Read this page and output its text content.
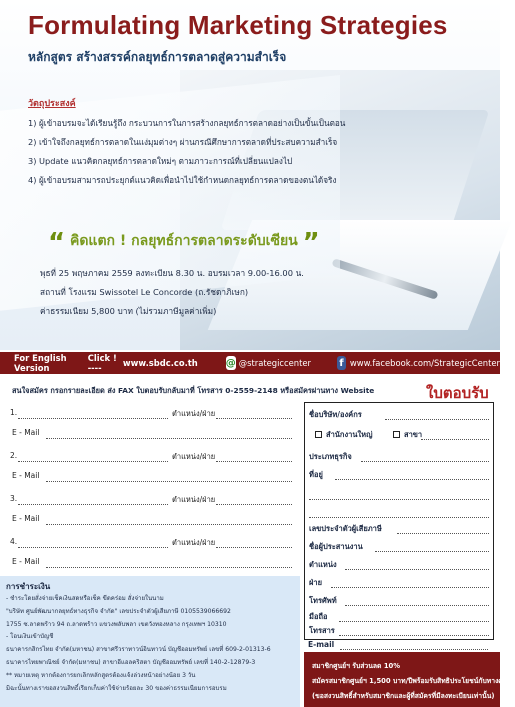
Formulating Marketing Strategies
หลักสูตร สร้างสรรค์กลยุทธ์การตลาดสู่ความสำเร็จ
วัตถุประสงค์
1) ผู้เข้าอบรมจะได้เรียนรู้ถึง กระบวนการในการสร้างกลยุทธ์การตลาดอย่างเป็นขั้นเป็นตอน
2) เข้าใจถึงกลยุทธ์การตลาดในแง่มุมต่างๆ ผ่านกรณีศึกษาการตลาดที่ประสบความสำเร็จ
3) Update แนวคิดกลยุทธ์การตลาดใหม่ๆ ตามภาวะการณ์ที่เปลี่ยนแปลงไป
4) ผู้เข้าอบรมสามารถประยุกต์แนวคิดเพื่อนำไปใช้กำหนดกลยุทธ์การตลาดของตนได้จริง
“ คิดแตก ! กลยุทธ์การตลาดระดับเซียน ”
พุธที่ 25 พฤษภาคม 2559 ลงทะเบียน 8.30 น. อบรมเวลา 9.00-16.00 น.
สถานที่ โรงแรม Swissotel Le Concorde (ถ.รัชดาภิเษก)
ค่าธรรมเนียม 5,800 บาท (ไม่รวมภาษีมูลค่าเพิ่ม)
For English Version
Click ! ----	www.sbdc.co.th	@ @strategiccenter	f www.facebook.com/StrategicCenter
สนใจสมัคร กรอกรายละเอียด ส่ง FAX ใบตอบรับกลับมาที่ โทรสาร 0-2559-2148 หรือสมัครผ่านทาง Website	ใบตอบรับ
1.	ตำแหน่ง/ฝ่าย
E - Mail
2.	ตำแหน่ง/ฝ่าย
E - Mail
3.	ตำแหน่ง/ฝ่าย
E - Mail
4.	ตำแหน่ง/ฝ่าย
E - Mail
ชื่อบริษัท/องค์กร
สำนักงานใหญ่	สาขา
ประเภทธุรกิจ
ที่อยู่
เลขประจำตัวผู้เสียภาษี
ชื่อผู้ประสานงาน
ตำแหน่ง
ฝ่าย
โทรศัพท์
มือถือ
โทรสาร
E-mail
การชำระเงิน
- ชำระโดยสั่งจ่ายเช็คเงินสดหรือเช็ค ขีดคร่อม สั่งจ่ายในนาม
"บริษัท ศูนย์พัฒนากลยุทธ์ทางธุรกิจ จำกัด" เลขประจำตัวผู้เสียภาษี 0105539066692
1755 ซ.ลาดพร้าว 94 ถ.ลาดพร้าว แขวงพลับพลา เขตวังทองหลาง กรุงเทพฯ 10310
- โอนเงินเข้าบัญชี
ธนาคารกสิกรไทย จำกัด(มหาชน) สาขาศรีวราทาวน์อินทาวน์ บัญชีออมทรัพย์ เลขที่ 609-2-01313-6
ธนาคารไทยพาณิชย์ จำกัด(มหาชน) สาขาอีแอลคริสตา บัญชีออมทรัพย์ เลขที่ 140-2-12879-3
** หมายเหตุ หากต้องการยกเลิกหลักสูตรต้องแจ้งล่วงหน้าอย่างน้อย 3 วัน
มิฉะนั้นทางเราขอสงวนสิทธิ์เรียกเก็บค่าใช้จ่ายร้อยละ 30 ของค่าธรรมเนียมการอบรม
สมาชิกศูนย์ฯ รับส่วนลด 10%
สมัครสมาชิกศูนย์ฯ 1,500 บาท/ปีพร้อมรับสิทธิประโยชน์กับทางศูนย์ฯ
(ขอสงวนสิทธิ์สำหรับสมาชิกและผู้ที่สมัครที่มีลงทะเบียนเท่านั้น)
